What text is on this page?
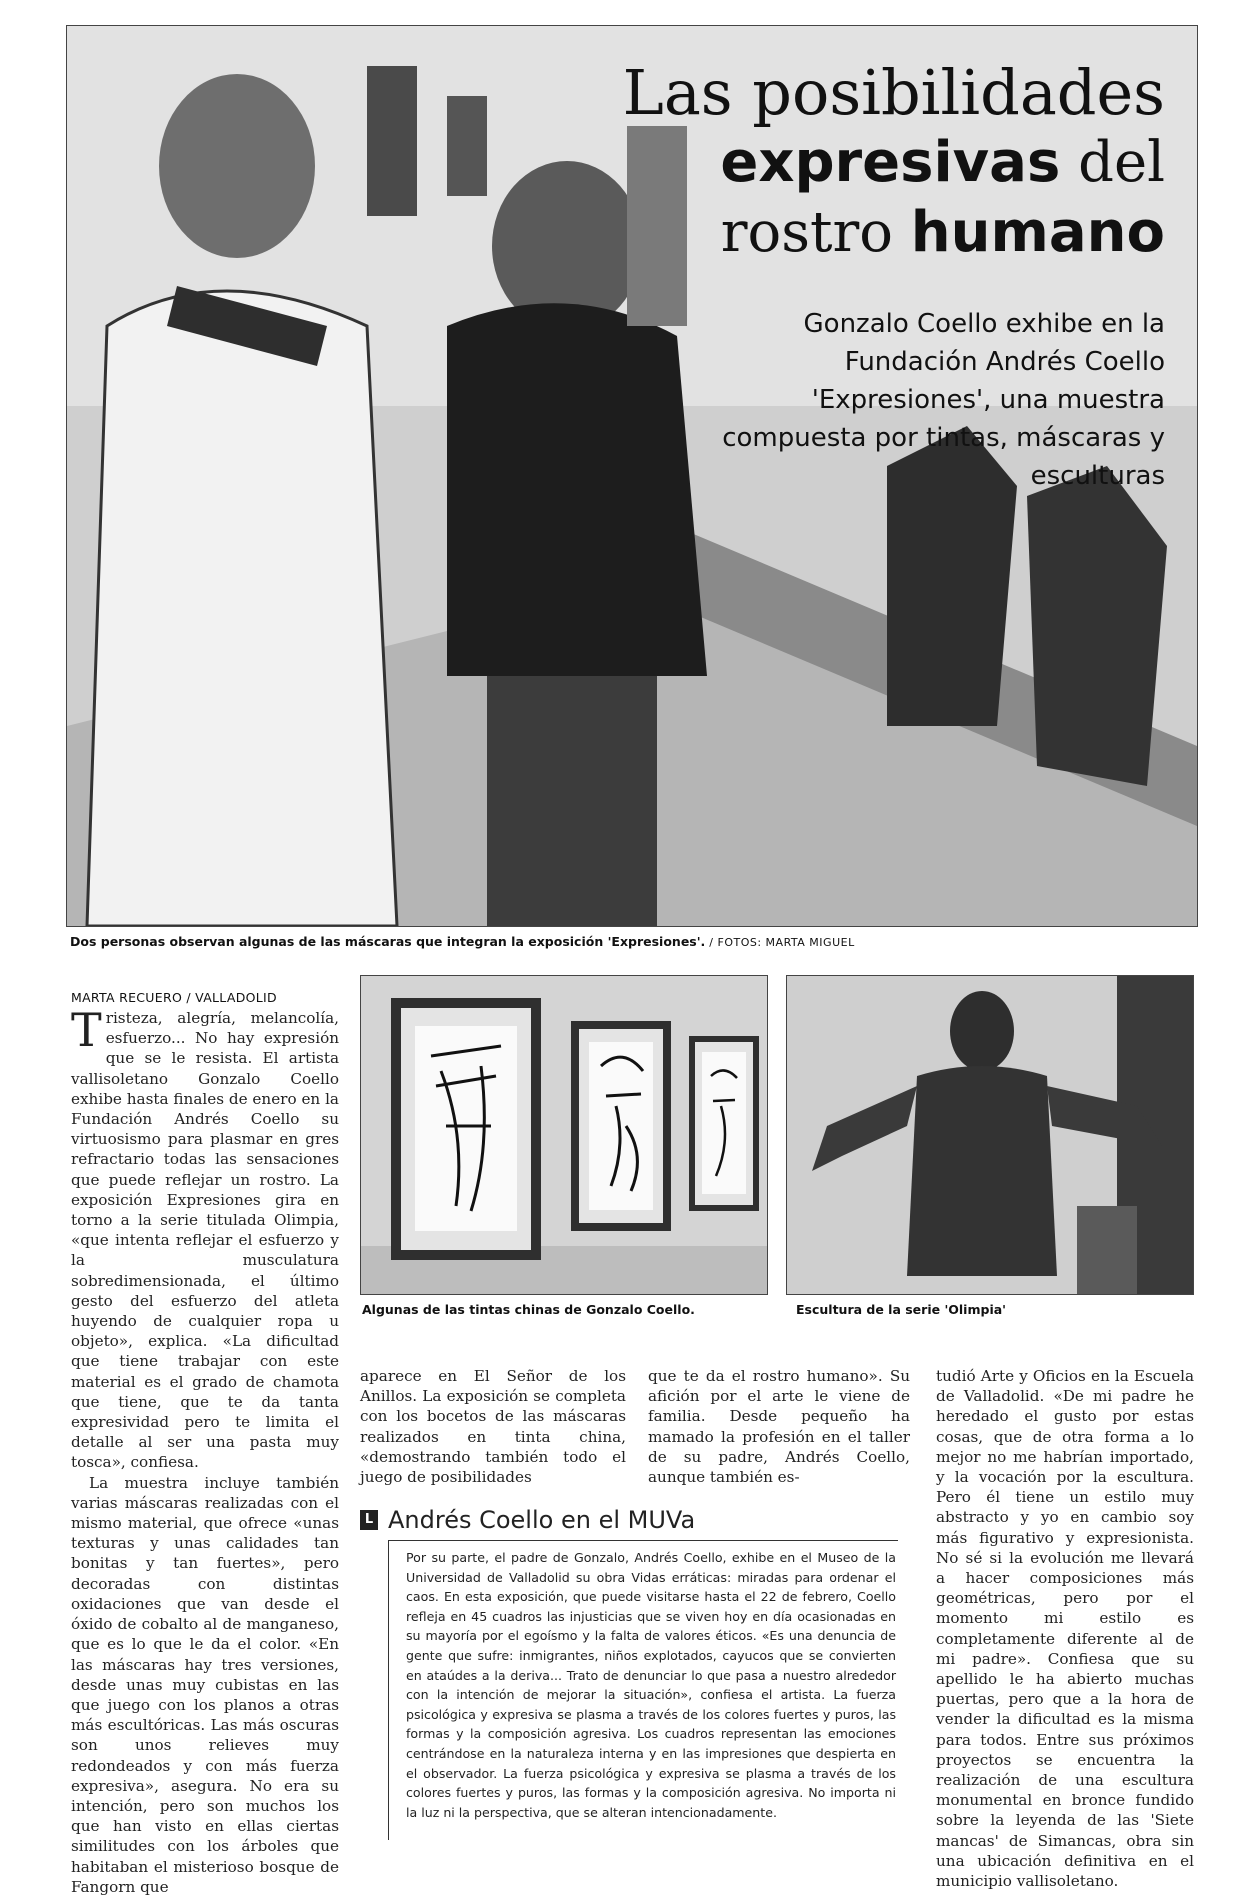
Las posibilidades
expresivas del
rostro humano
Gonzalo Coello exhibe en la
Fundación Andrés Coello
'Expresiones', una muestra
compuesta por tintas, máscaras y
esculturas
Dos personas observan algunas de las máscaras que integran la exposición 'Expresiones'. / FOTOS: MARTA MIGUEL
MARTA RECUERO / VALLADOLID

Tristeza, alegría, melancolía, esfuerzo... No hay expresión que se le resista. El artista vallisoletano Gonzalo Coello exhibe hasta finales de enero en la Fundación Andrés Coello su virtuosismo para plasmar en gres refractario todas las sensaciones que puede reflejar un rostro. La exposición Expresiones gira en torno a la serie titulada Olimpia, «que intenta reflejar el esfuerzo y la musculatura sobredimensionada, el último gesto del esfuerzo del atleta huyendo de cualquier ropa u objeto», explica. «La dificultad que tiene trabajar con este material es el grado de chamota que tiene, que te da tanta expresividad pero te limita el detalle al ser una pasta muy tosca», confiesa.

La muestra incluye también varias máscaras realizadas con el mismo material, que ofrece «unas texturas y unas calidades tan bonitas y tan fuertes», pero decoradas con distintas oxidaciones que van desde el óxido de cobalto al de manganeso, que es lo que le da el color. «En las máscaras hay tres versiones, desde unas muy cubistas en las que juego con los planos a otras más escultóricas. Las más oscuras son unos relieves muy redondeados y con más fuerza expresiva», asegura. No era su intención, pero son muchos los que han visto en ellas ciertas similitudes con los árboles que habitaban el misterioso bosque de Fangorn que

Algunas de las tintas chinas de Gonzalo Coello.	Escultura de la serie 'Olimpia'
aparece en El Señor de los Anillos. La exposición se completa con los bocetos de las máscaras realizados en tinta china, «demostrando también todo el juego de posibilidades
que te da el rostro humano». Su afición por el arte le viene de familia. Desde pequeño ha mamado la profesión en el taller de su padre, Andrés Coello, aunque también es-
tudió Arte y Oficios en la Escuela de Valladolid. «De mi padre he heredado el gusto por estas cosas, que de otra forma a lo mejor no me habrían importado, y la vocación por la escultura. Pero él tiene un estilo muy abstracto y yo en cambio soy más figurativo y expresionista. No sé si la evolución me llevará a hacer composiciones más geométricas, pero por el momento mi estilo es completamente diferente al de mi padre». Confiesa que su apellido le ha abierto muchas puertas, pero que a la hora de vender la dificultad es la misma para todos. Entre sus próximos proyectos se encuentra la realización de una escultura monumental en bronce fundido sobre la leyenda de las 'Siete mancas' de Simancas, obra sin una ubicación definitiva en el municipio vallisoletano.
L Andrés Coello en el MUVa
Por su parte, el padre de Gonzalo, Andrés Coello, exhibe en el Museo de la Universidad de Valladolid su obra Vidas erráticas: miradas para ordenar el caos. En esta exposición, que puede visitarse hasta el 22 de febrero, Coello refleja en 45 cuadros las injusticias que se viven hoy en día ocasionadas en su mayoría por el egoísmo y la falta de valores éticos. «Es una denuncia de gente que sufre: inmigrantes, niños explotados, cayucos que se convierten en ataúdes a la deriva... Trato de denunciar lo que pasa a nuestro alrededor con la intención de mejorar la situación», confiesa el artista. La fuerza psicológica y expresiva se plasma a través de los colores fuertes y puros, las formas y la composición agresiva. Los cuadros representan las emociones centrándose en la naturaleza interna y en las impresiones que despierta en el observador. La fuerza psicológica y expresiva se plasma a través de los colores fuertes y puros, las formas y la composición agresiva. No importa ni la luz ni la perspectiva, que se alteran intencionadamente.
